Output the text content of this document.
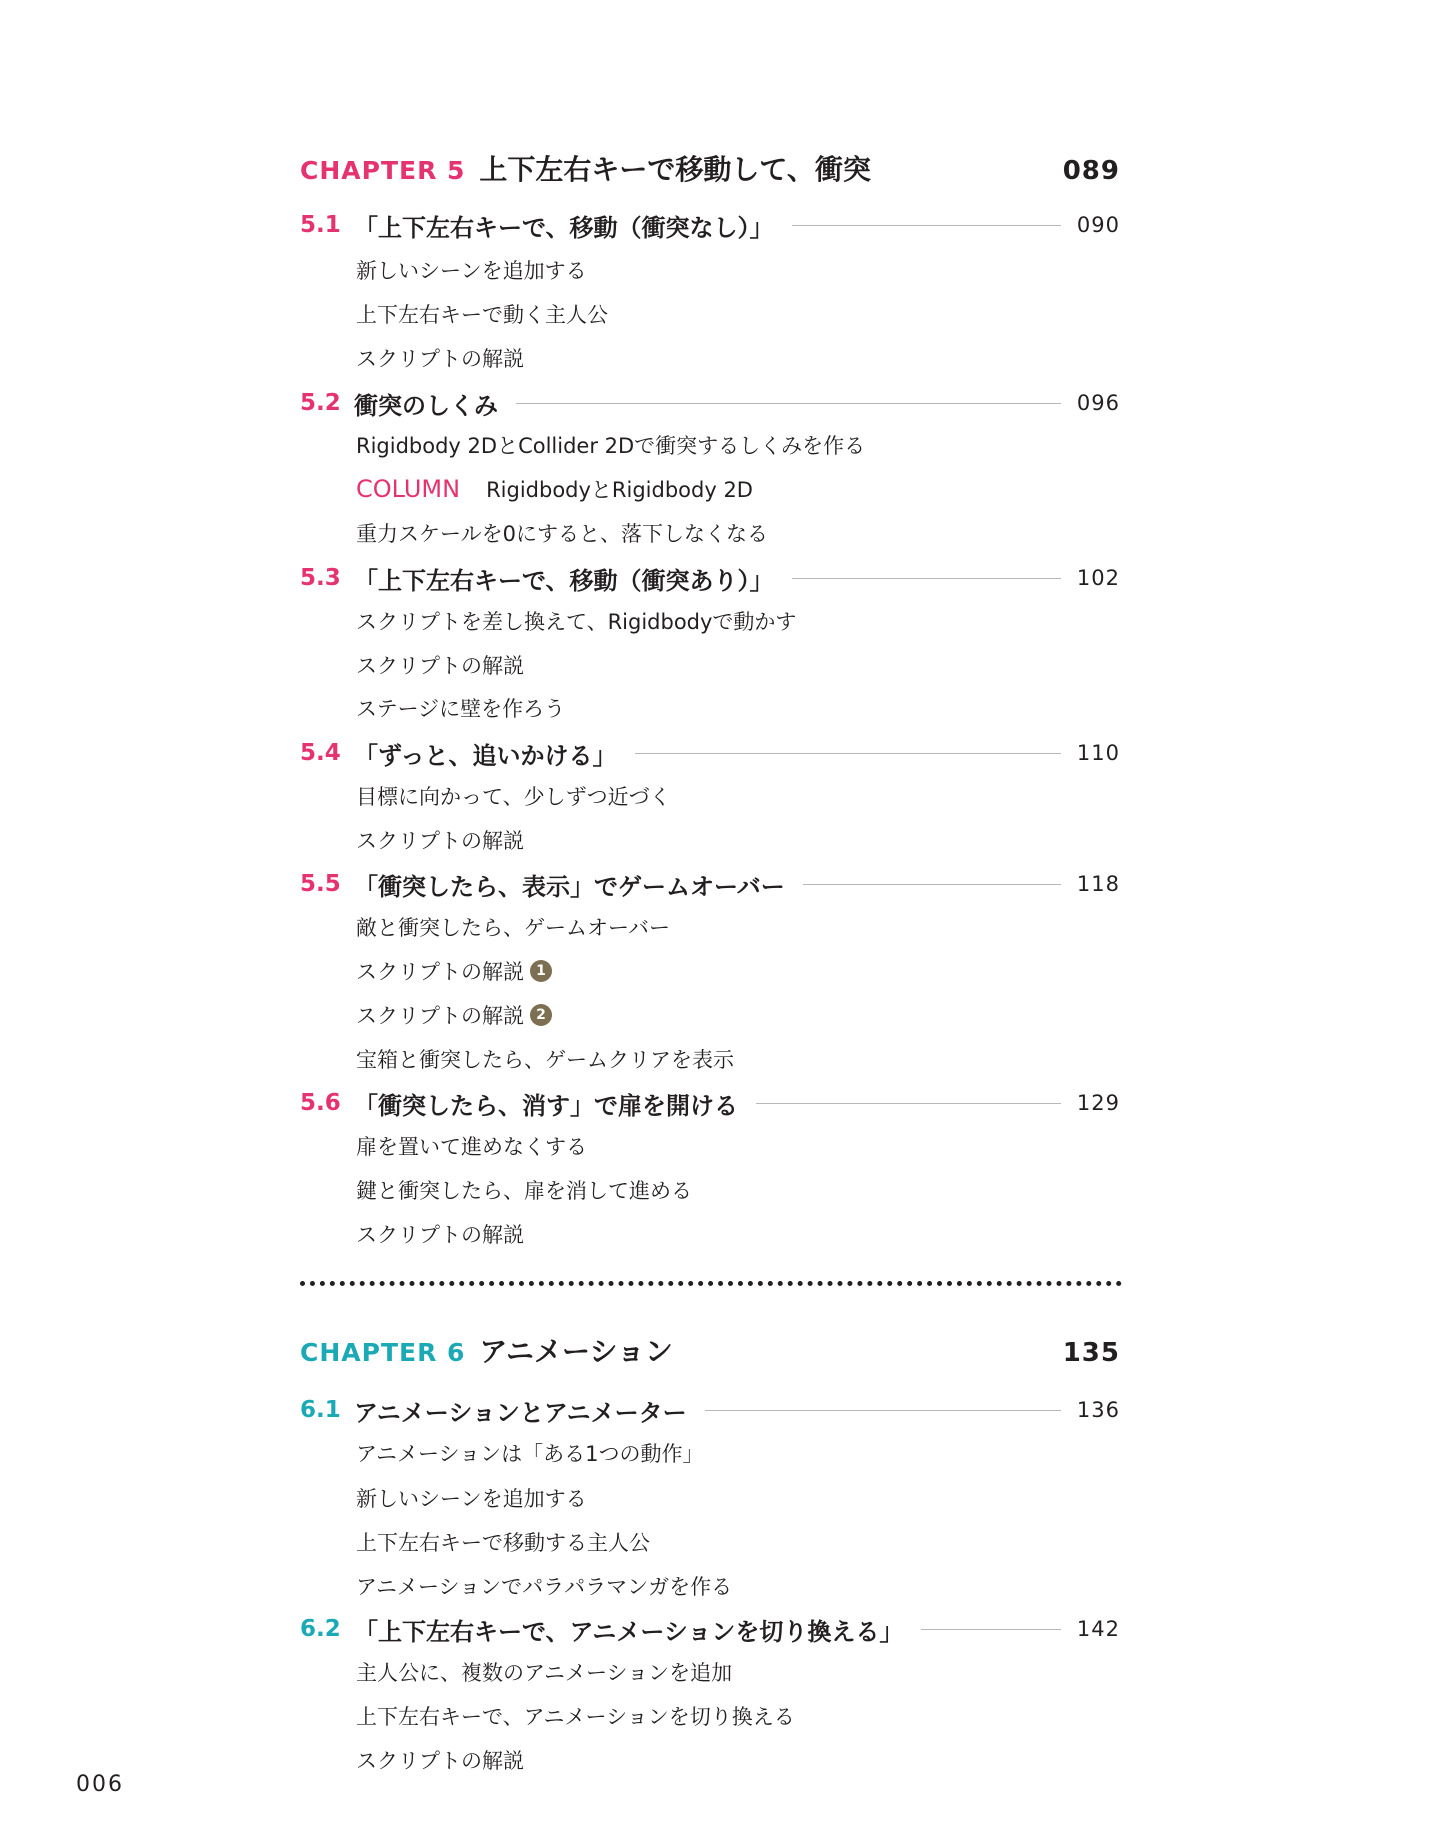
CHAPTER 5 上下左右キーで移動して、衝突	089
5.1 「上下左右キーで、移動（衝突なし）」	090
新しいシーンを追加する
上下左右キーで動く主人公
スクリプトの解説
5.2 衝突のしくみ	096
Rigidbody 2DとCollider 2Dで衝突するしくみを作る
COLUMN RigidbodyとRigidbody 2D
重力スケールを0にすると、落下しなくなる
5.3 「上下左右キーで、移動（衝突あり）」	102
スクリプトを差し換えて、Rigidbodyで動かす
スクリプトの解説
ステージに壁を作ろう
5.4 「ずっと、追いかける」	110
目標に向かって、少しずつ近づく
スクリプトの解説
5.5 「衝突したら、表示」でゲームオーバー	118
敵と衝突したら、ゲームオーバー
スクリプトの解説 1
スクリプトの解説 2
宝箱と衝突したら、ゲームクリアを表示
5.6 「衝突したら、消す」で扉を開ける	129
扉を置いて進めなくする
鍵と衝突したら、扉を消して進める
スクリプトの解説
CHAPTER 6 アニメーション	135
6.1 アニメーションとアニメーター	136
アニメーションは「ある1つの動作」
新しいシーンを追加する
上下左右キーで移動する主人公
アニメーションでパラパラマンガを作る
6.2 「上下左右キーで、アニメーションを切り換える」	142
主人公に、複数のアニメーションを追加
上下左右キーで、アニメーションを切り換える
スクリプトの解説
006
